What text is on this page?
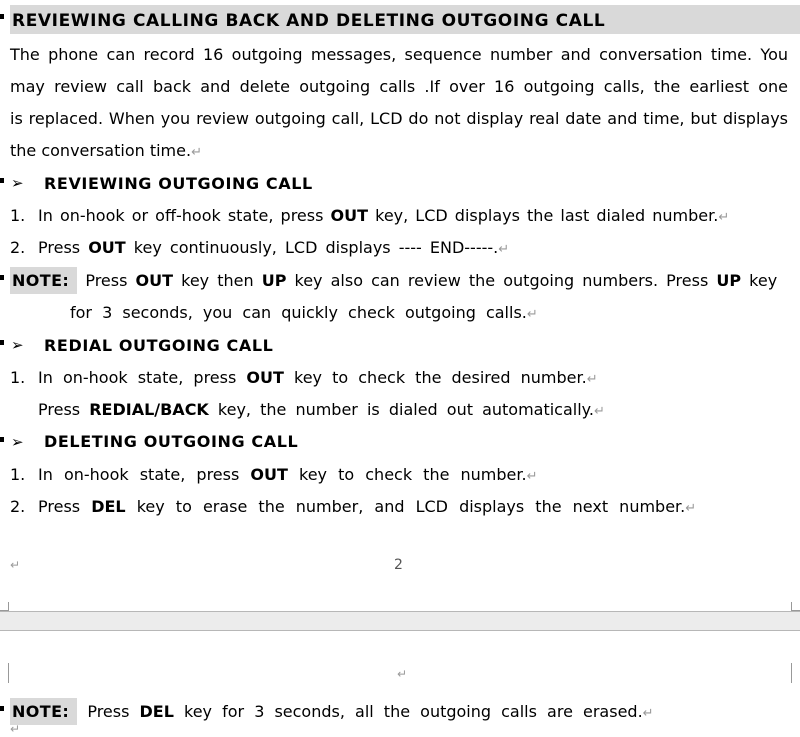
REVIEWING CALLING BACK AND DELETING OUTGOING CALL
The phone can record 16 outgoing messages, sequence number and conversation time. You
may review call back and delete outgoing calls .If over 16 outgoing calls, the earliest one
is replaced. When you review outgoing call, LCD do not display real date and time, but displays
the conversation time.↵
➢ REVIEWING OUTGOING CALL
1. In on-hook or off-hook state, press OUT key, LCD displays the last dialed number.↵
2. Press OUT key continuously, LCD displays ---- END-----.↵
NOTE: Press OUT key then UP key also can review the outgoing numbers. Press UP key
for 3 seconds, you can quickly check outgoing calls.↵
➢ REDIAL OUTGOING CALL
1. In on-hook state, press OUT key to check the desired number.↵
Press REDIAL/BACK key, the number is dialed out automatically.↵
➢ DELETING OUTGOING CALL
1. In on-hook state, press OUT key to check the number.↵
2. Press DEL key to erase the number, and LCD displays the next number.↵
↵	2
↵
NOTE: Press DEL key for 3 seconds, all the outgoing calls are erased.↵
↵
